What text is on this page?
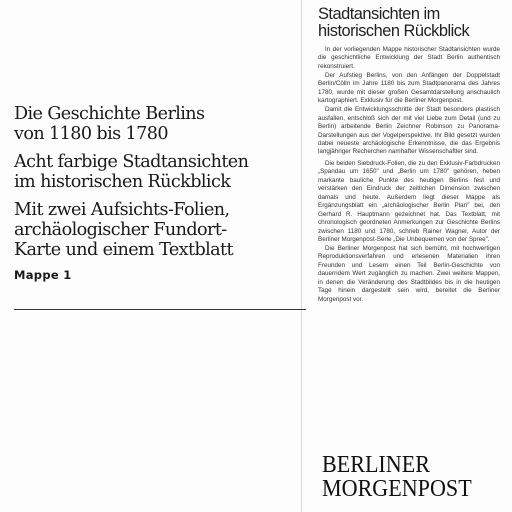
Die Geschichte Berlins
von 1180 bis 1780
Acht farbige Stadtansichten
im historischen Rückblick
Mit zwei Aufsichts-Folien,
archäologischer Fundort-
Karte und einem Textblatt
Mappe 1
Stadtansichten im
historischen Rückblick

In der vorliegenden Mappe historischer Stadtansichten wurde die geschichtliche Entwicklung der Stadt Berlin authentisch rekonstruiert.

Der Aufstieg Berlins, von den Anfängen der Doppelstadt Berlin/Cölln im Jahre 1180 bis zum Stadtpanorama des Jahres 1780, wurde mit dieser großen Gesamtdarstellung anschaulich kartographiert. Exklusiv für die Berliner Morgenpost.

Damit die Entwicklungsschritte der Stadt besonders plastisch ausfallen, entschloß sich der mit viel Liebe zum Detail (und zu Berlin) arbeitende Berlin Zeichner Robinson zu Panorama-Darstellungen aus der Vogelperspektive. Ihr Bild gesetzt wurden dabei neueste archäologische Erkenntnisse, die das Ergebnis langjähriger Recherchen namhafter Wissenschaftler sind.

Die beiden Siebdruck-Folien, die zu den Exklusiv-Farbdrucken „Spandau um 1650" und „Berlin um 1780" gehören, heben markante bauliche Punkte des heutigen Berlins fest und verstärken den Eindruck der zeitlichen Dimension zwischen damals und heute. Außerdem liegt dieser Mappe als Ergänzungsblatt ein „archäologischer Berlin Plan" bei, den Gerhard R. Hauptmann gezeichnet hat. Das Textblatt, mit chronologisch geordneten Anmerkungen zur Geschichte Berlins zwischen 1180 und 1780, schrieb Rainer Wagner, Autor der Berliner Morgenpost-Serie „Die Unbequemen von der Spree".

Die Berliner Morgenpost hat sich bemüht, mit hochwertigen Reproduktionsverfahren und erlesenen Materialien ihren Freunden und Lesern einen Teil Berlin-Geschichte von dauerndem Wert zugänglich zu machen. Zwei weitere Mappen, in denen die Veränderung des Stadtbildes bis in die heutigen Tage hinein dargestellt sein wird, bereitet die Berliner Morgenpost vor.

BERLINER
MORGENPOST
